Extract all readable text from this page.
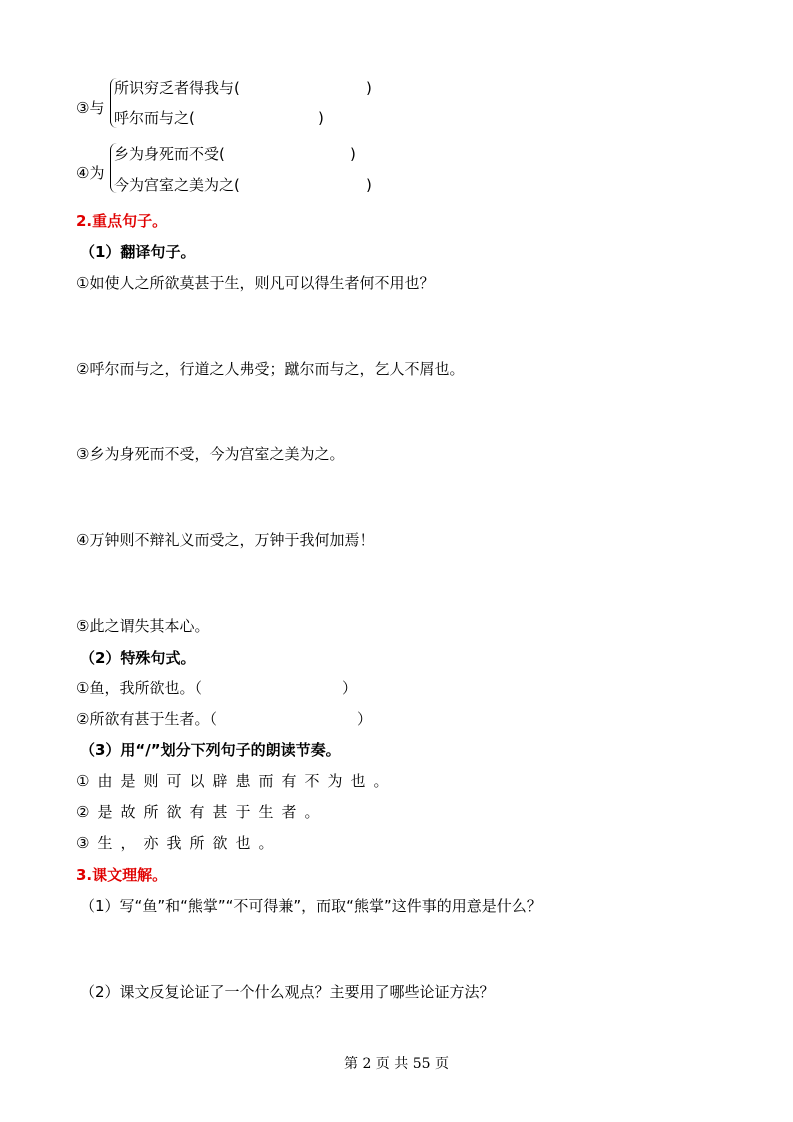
③与
所识穷乏者得我与(	)
呼尔而与之(	)
④为
乡为身死而不受(	)
今为宫室之美为之(	)
2.重点句子。
（1）翻译句子。
①如使人之所欲莫甚于生，则凡可以得生者何不用也？
②呼尔而与之，行道之人弗受；蹴尔而与之，乞人不屑也。
③乡为身死而不受，今为宫室之美为之。
④万钟则不辩礼义而受之，万钟于我何加焉！
⑤此之谓失其本心。
（2）特殊句式。
①鱼，我所欲也。（	）
②所欲有甚于生者。（	）
（3）用“/”划分下列句子的朗读节奏。
①由是则可以辟患而有不为也。
②是故所欲有甚于生者。
③生，亦我所欲也。
3.课文理解。
（1）写“鱼”和“熊掌”“不可得兼”，而取“熊掌”这件事的用意是什么？
（2）课文反复论证了一个什么观点？主要用了哪些论证方法？
第 2 页 共 55 页
